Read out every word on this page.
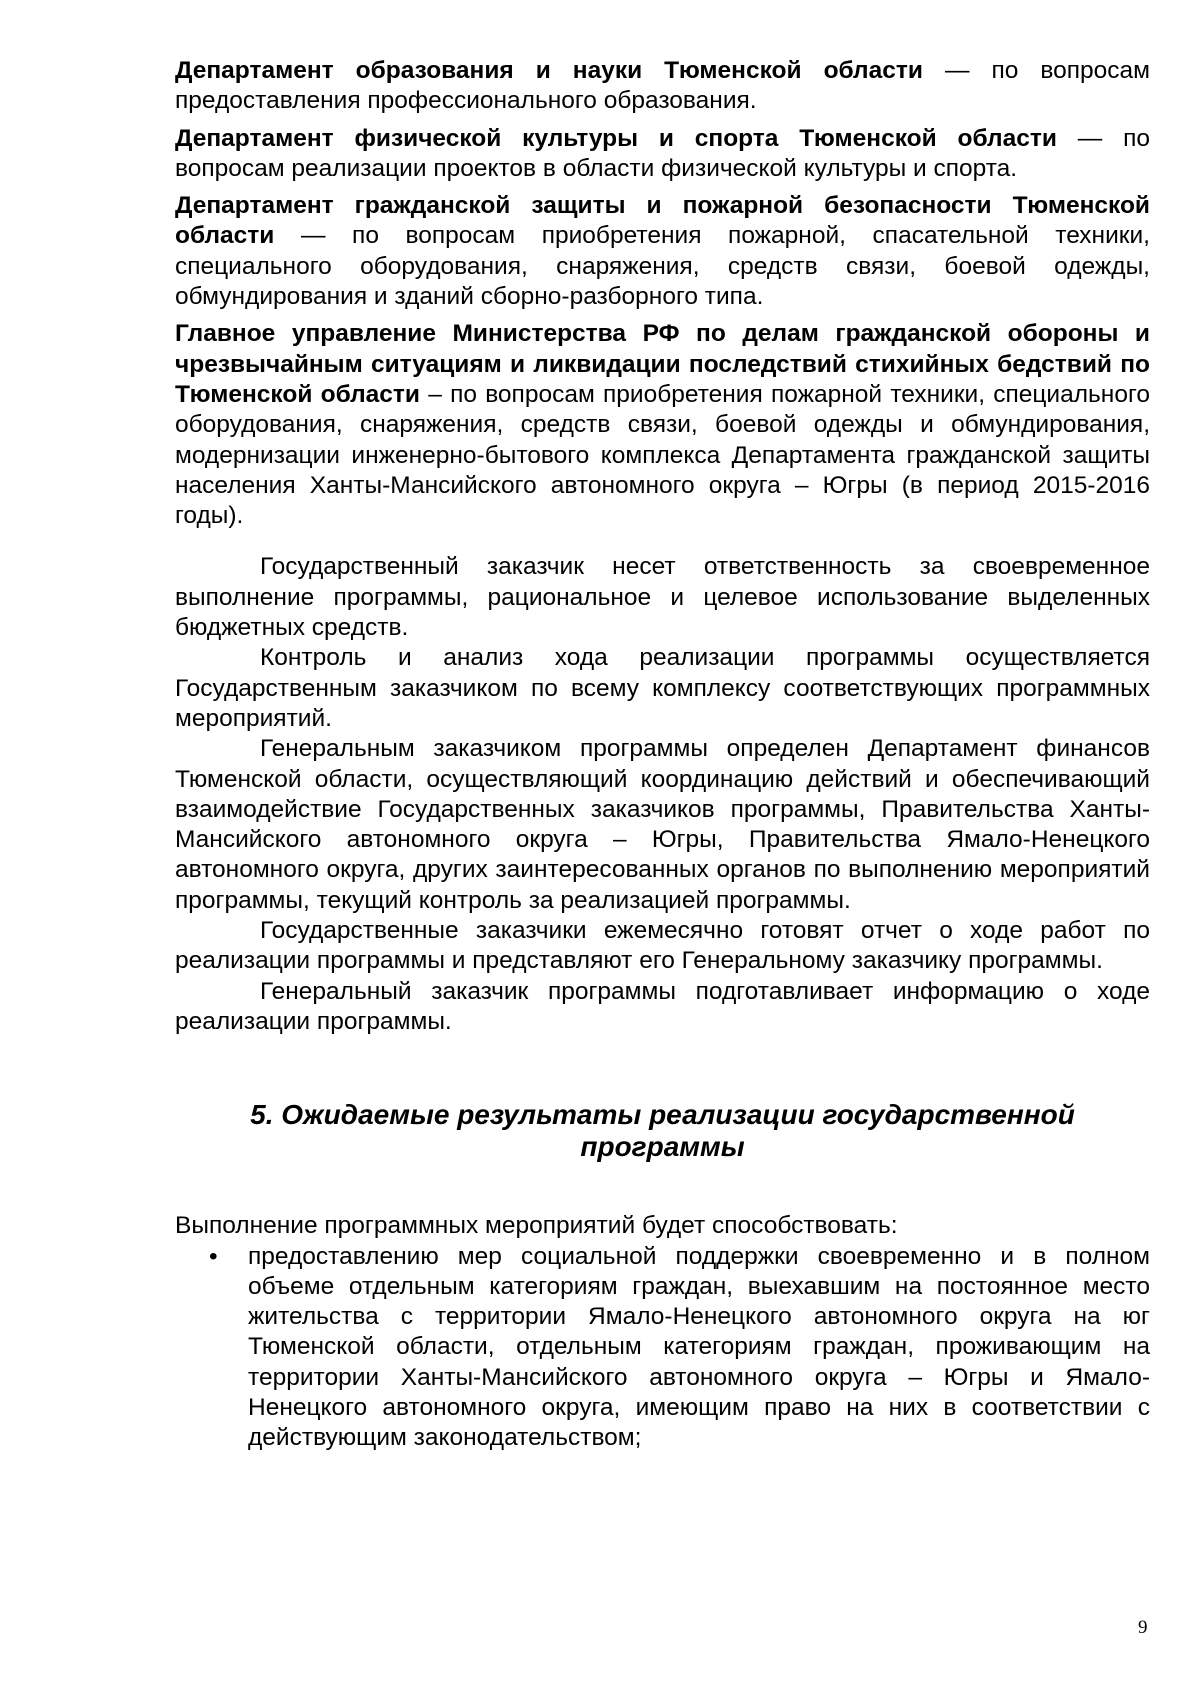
Департамент образования и науки Тюменской области — по вопросам предоставления профессионального образования.

Департамент физической культуры и спорта Тюменской области — по вопросам реализации проектов в области физической культуры и спорта.

Департамент гражданской защиты и пожарной безопасности Тюменской области — по вопросам приобретения пожарной, спасательной техники, специального оборудования, снаряжения, средств связи, боевой одежды, обмундирования и зданий сборно-разборного типа.

Главное управление Министерства РФ по делам гражданской обороны и чрезвычайным ситуациям и ликвидации последствий стихийных бедствий по Тюменской области – по вопросам приобретения пожарной техники, специального оборудования, снаряжения, средств связи, боевой одежды и обмундирования, модернизации инженерно-бытового комплекса Департамента гражданской защиты населения Ханты-Мансийского автономного округа – Югры (в период 2015-2016 годы).

Государственный заказчик несет ответственность за своевременное выполнение программы, рациональное и целевое использование выделенных бюджетных средств.

Контроль и анализ хода реализации программы осуществляется Государственным заказчиком по всему комплексу соответствующих программных мероприятий.

Генеральным заказчиком программы определен Департамент финансов Тюменской области, осуществляющий координацию действий и обеспечивающий взаимодействие Государственных заказчиков программы, Правительства Ханты-Мансийского автономного округа – Югры, Правительства Ямало-Ненецкого автономного округа, других заинтересованных органов по выполнению мероприятий программы, текущий контроль за реализацией программы.

Государственные заказчики ежемесячно готовят отчет о ходе работ по реализации программы и представляют его Генеральному заказчику программы.

Генеральный заказчик программы подготавливает информацию о ходе реализации программы.

5. Ожидаемые результаты реализации государственной
программы

Выполнение программных мероприятий будет способствовать:

• предоставлению мер социальной поддержки своевременно и в полном объеме отдельным категориям граждан, выехавшим на постоянное место жительства с территории Ямало-Ненецкого автономного округа на юг Тюменской области, отдельным категориям граждан, проживающим на территории Ханты-Мансийского автономного округа – Югры и Ямало-Ненецкого автономного округа, имеющим право на них в соответствии с действующим законодательством;
9
